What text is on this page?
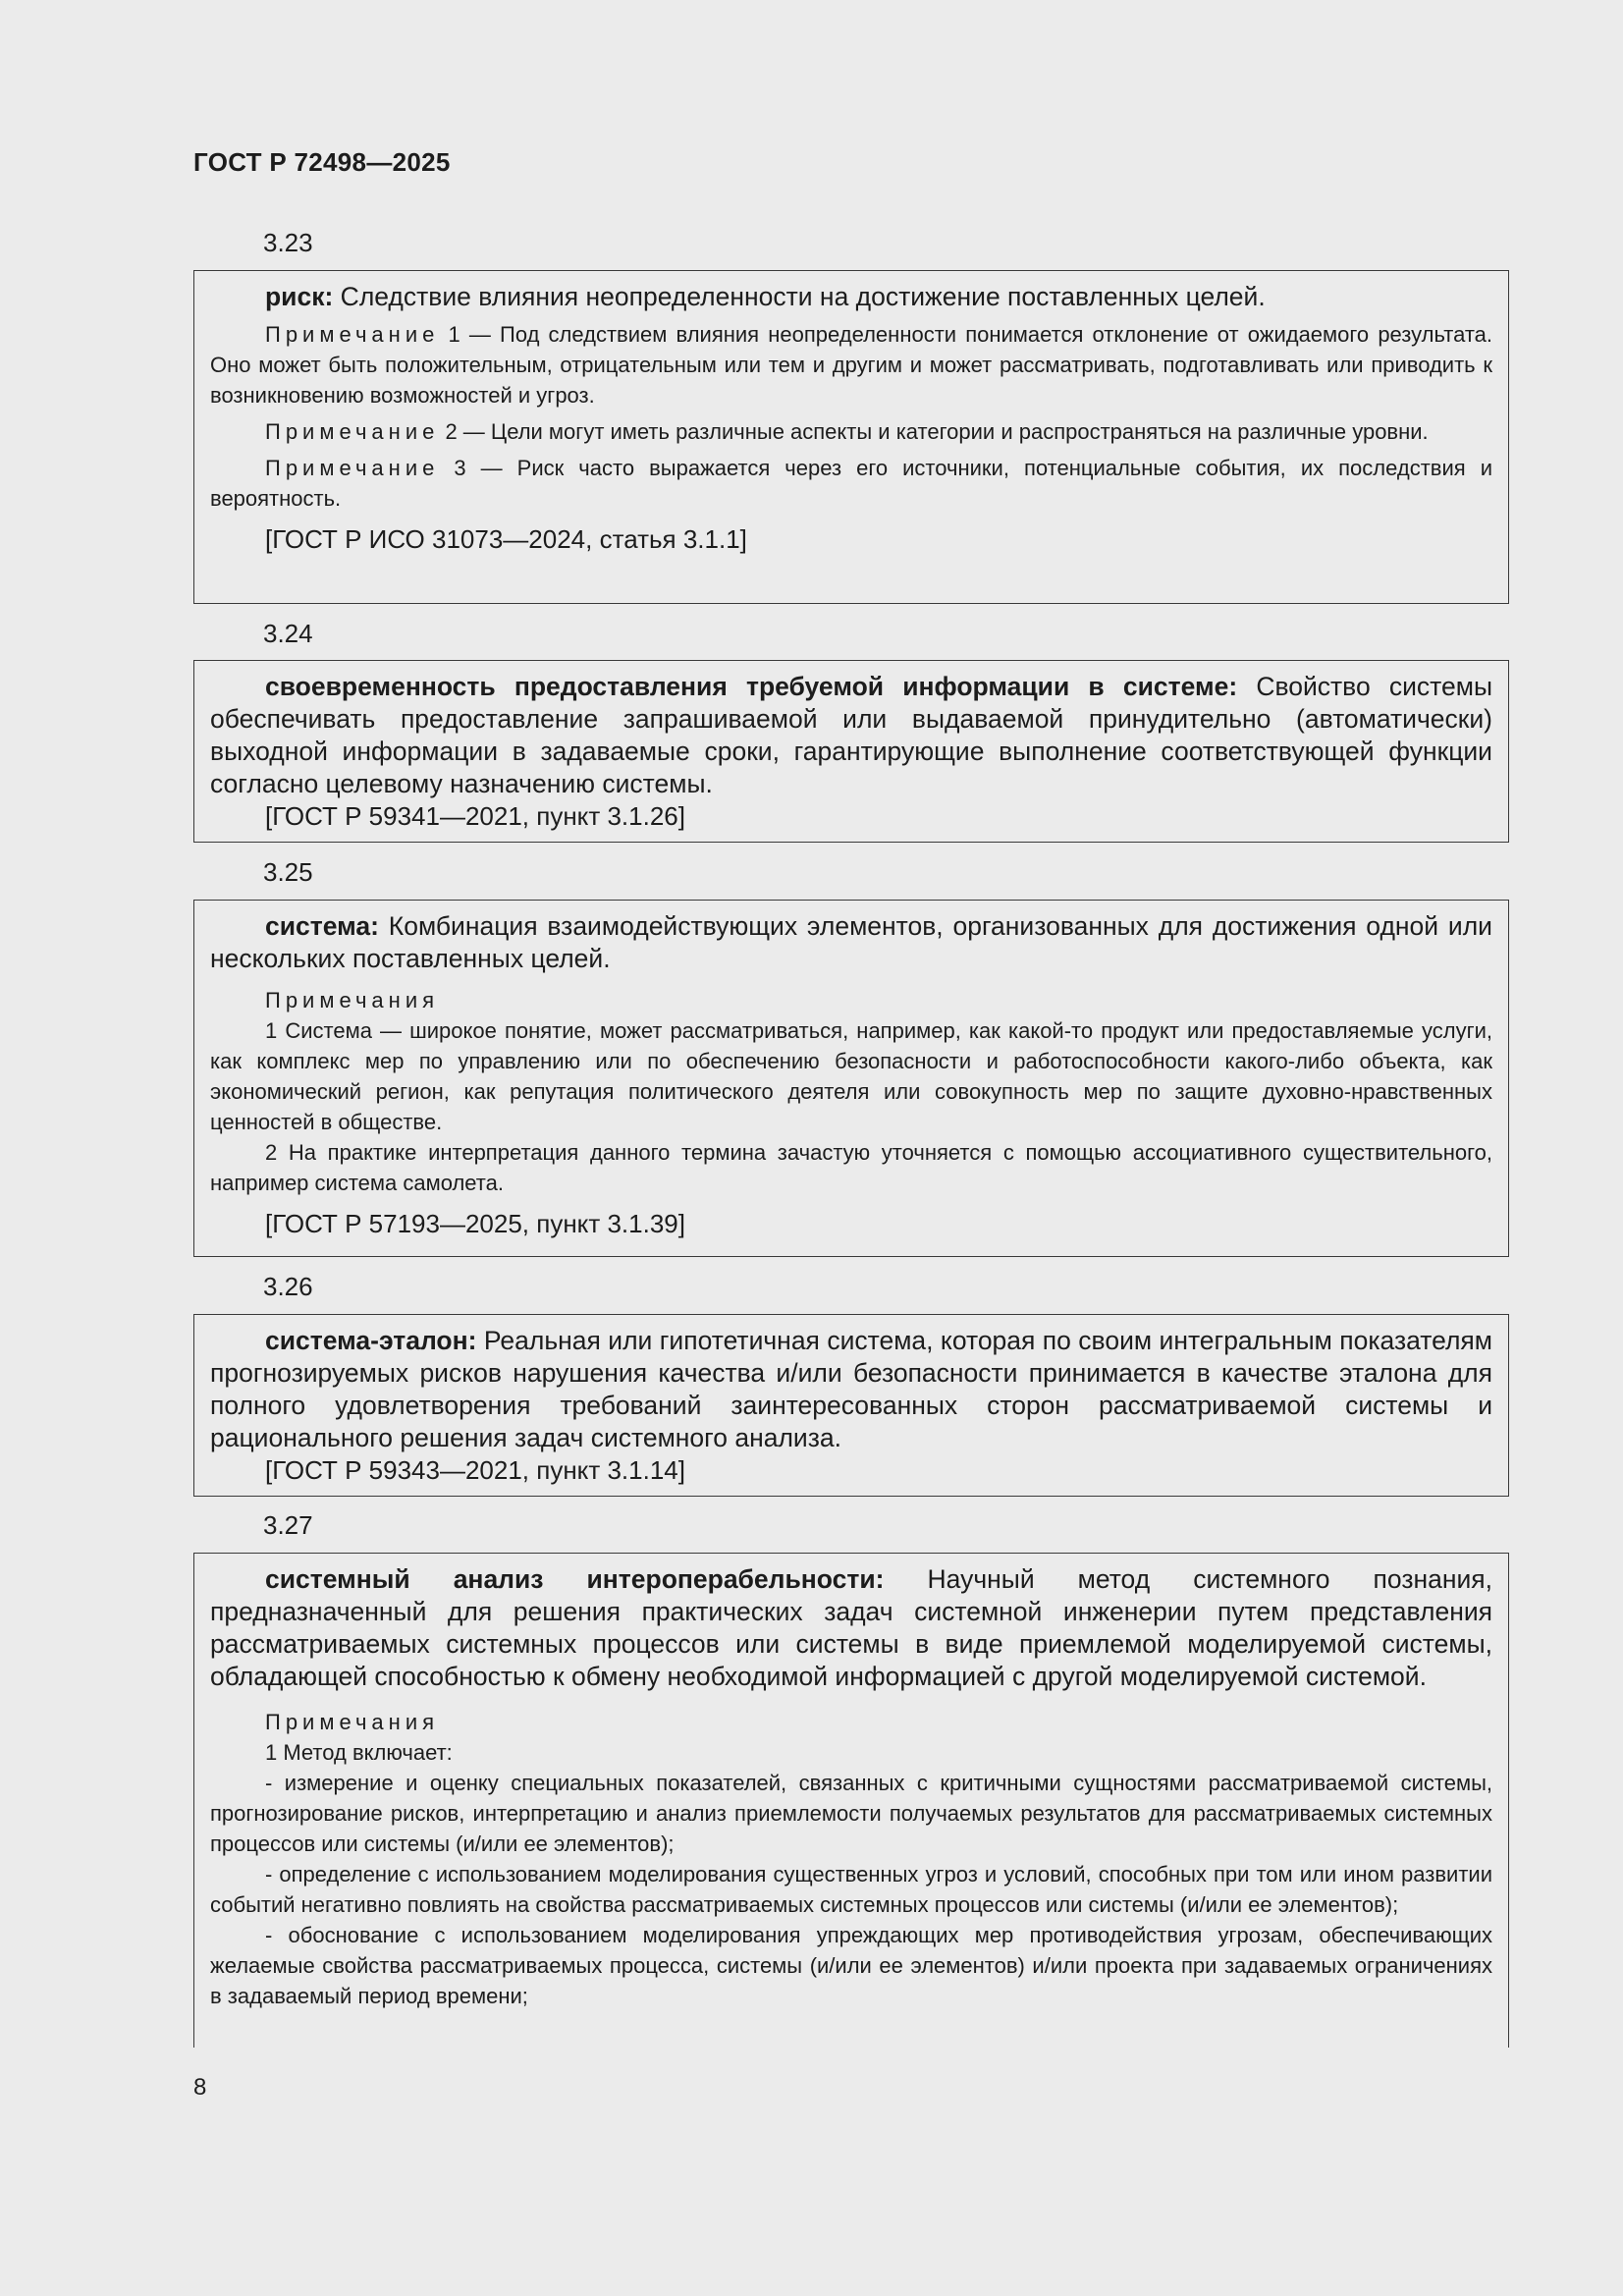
ГОСТ Р 72498—2025
3.23

риск: Следствие влияния неопределенности на достижение поставленных целей.

Примечание 1 — Под следствием влияния неопределенности понимается отклонение от ожидаемого результата. Оно может быть положительным, отрицательным или тем и другим и может рассматривать, подготавливать или приводить к возникновению возможностей и угроз.

Примечание 2 — Цели могут иметь различные аспекты и категории и распространяться на различные уровни.

Примечание 3 — Риск часто выражается через его источники, потенциальные события, их последствия и вероятность.

[ГОСТ Р ИСО 31073—2024, статья 3.1.1]

3.24

своевременность предоставления требуемой информации в системе: Свойство системы обеспечивать предоставление запрашиваемой или выдаваемой принудительно (автоматически) выходной информации в задаваемые сроки, гарантирующие выполнение соответствующей функции согласно целевому назначению системы.

[ГОСТ Р 59341—2021, пункт 3.1.26]

3.25

система: Комбинация взаимодействующих элементов, организованных для достижения одной или нескольких поставленных целей.

Примечания

1 Система — широкое понятие, может рассматриваться, например, как какой-то продукт или предоставляемые услуги, как комплекс мер по управлению или по обеспечению безопасности и работоспособности какого-либо объекта, как экономический регион, как репутация политического деятеля или совокупность мер по защите духовно-нравственных ценностей в обществе.

2 На практике интерпретация данного термина зачастую уточняется с помощью ассоциативного существительного, например система самолета.

[ГОСТ Р 57193—2025, пункт 3.1.39]

3.26

система-эталон: Реальная или гипотетичная система, которая по своим интегральным показателям прогнозируемых рисков нарушения качества и/или безопасности принимается в качестве эталона для полного удовлетворения требований заинтересованных сторон рассматриваемой системы и рационального решения задач системного анализа.

[ГОСТ Р 59343—2021, пункт 3.1.14]

3.27

системный анализ интероперабельности: Научный метод системного познания, предназначенный для решения практических задач системной инженерии путем представления рассматриваемых системных процессов или системы в виде приемлемой моделируемой системы, обладающей способностью к обмену необходимой информацией с другой моделируемой системой.

Примечания

1 Метод включает:

- измерение и оценку специальных показателей, связанных с критичными сущностями рассматриваемой системы, прогнозирование рисков, интерпретацию и анализ приемлемости получаемых результатов для рассматриваемых системных процессов или системы (и/или ее элементов);

- определение с использованием моделирования существенных угроз и условий, способных при том или ином развитии событий негативно повлиять на свойства рассматриваемых системных процессов или системы (и/или ее элементов);

- обоснование с использованием моделирования упреждающих мер противодействия угрозам, обеспечивающих желаемые свойства рассматриваемых процесса, системы (и/или ее элементов) и/или проекта при задаваемых ограничениях в задаваемый период времени;

8
